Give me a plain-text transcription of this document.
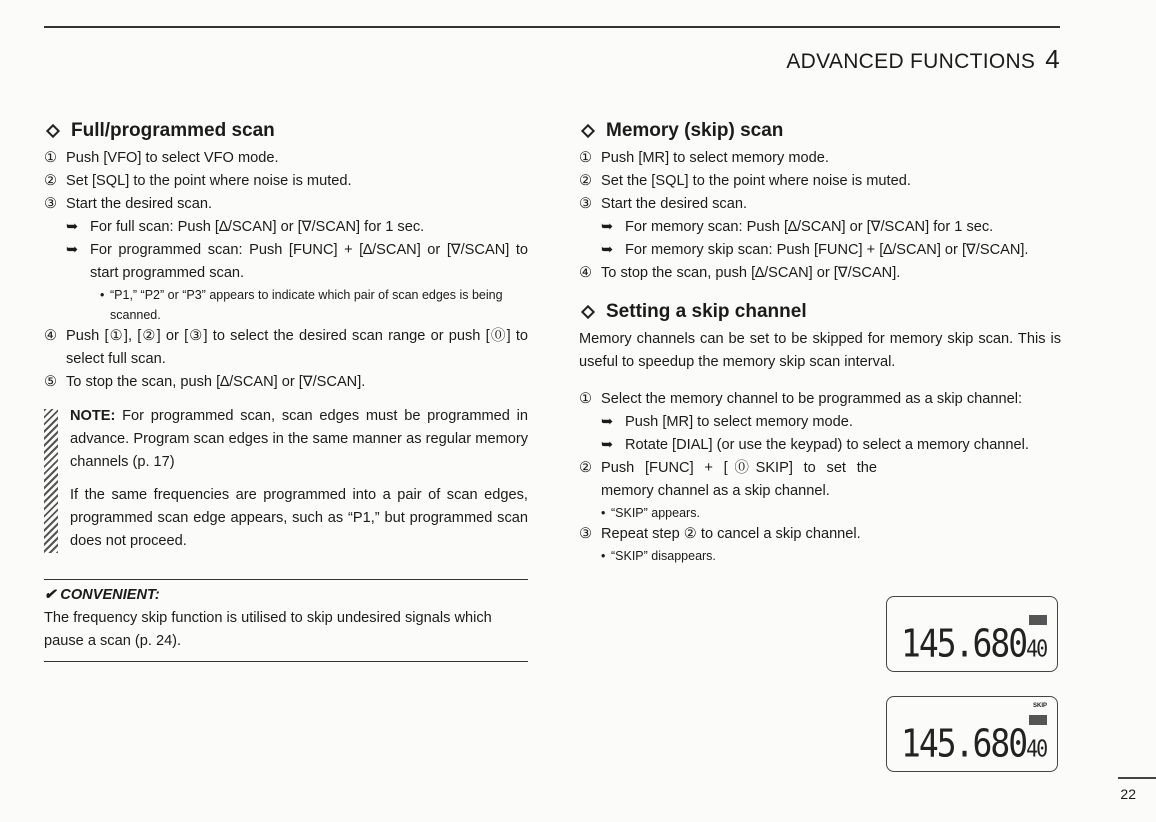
ADVANCED FUNCTIONS 4
Full/programmed scan
① Push [VFO] to select VFO mode.
② Set [SQL] to the point where noise is muted.
③ Start the desired scan.
➥ For full scan: Push [∆/SCAN] or [∇/SCAN] for 1 sec.
➥ For programmed scan: Push [FUNC] + [∆/SCAN] or [∇/SCAN] to start programmed scan.
• “P1,” “P2” or “P3” appears to indicate which pair of scan edges is being scanned.
④ Push [①], [②] or [③] to select the desired scan range or push [⓪] to select full scan.
⑤ To stop the scan, push [∆/SCAN] or [∇/SCAN].

NOTE: For programmed scan, scan edges must be programmed in advance. Program scan edges in the same manner as regular memory channels (p. 17)

If the same frequencies are programmed into a pair of scan edges, programmed scan edge appears, such as “P1,” but programmed scan does not proceed.

✔ CONVENIENT:
The frequency skip function is utilised to skip undesired signals which pause a scan (p. 24).
Memory (skip) scan
① Push [MR] to select memory mode.
② Set the [SQL] to the point where noise is muted.
③ Start the desired scan.
➥ For memory scan: Push [∆/SCAN] or [∇/SCAN] for 1 sec.
➥ For memory skip scan: Push [FUNC] + [∆/SCAN] or [∇/SCAN].
④ To stop the scan, push [∆/SCAN] or [∇/SCAN].
Setting a skip channel
Memory channels can be set to be skipped for memory skip scan. This is useful to speedup the memory skip scan interval.
① Select the memory channel to be programmed as a skip channel:
➥ Push [MR] to select memory mode.
➥ Rotate [DIAL] (or use the keypad) to select a memory channel.
② Push [FUNC] + [⓪SKIP] to set the memory channel as a skip channel.
• “SKIP” appears.
③ Repeat step ② to cancel a skip channel.
• “SKIP” disappears.
145.68040
SKIP
145.68040
22
